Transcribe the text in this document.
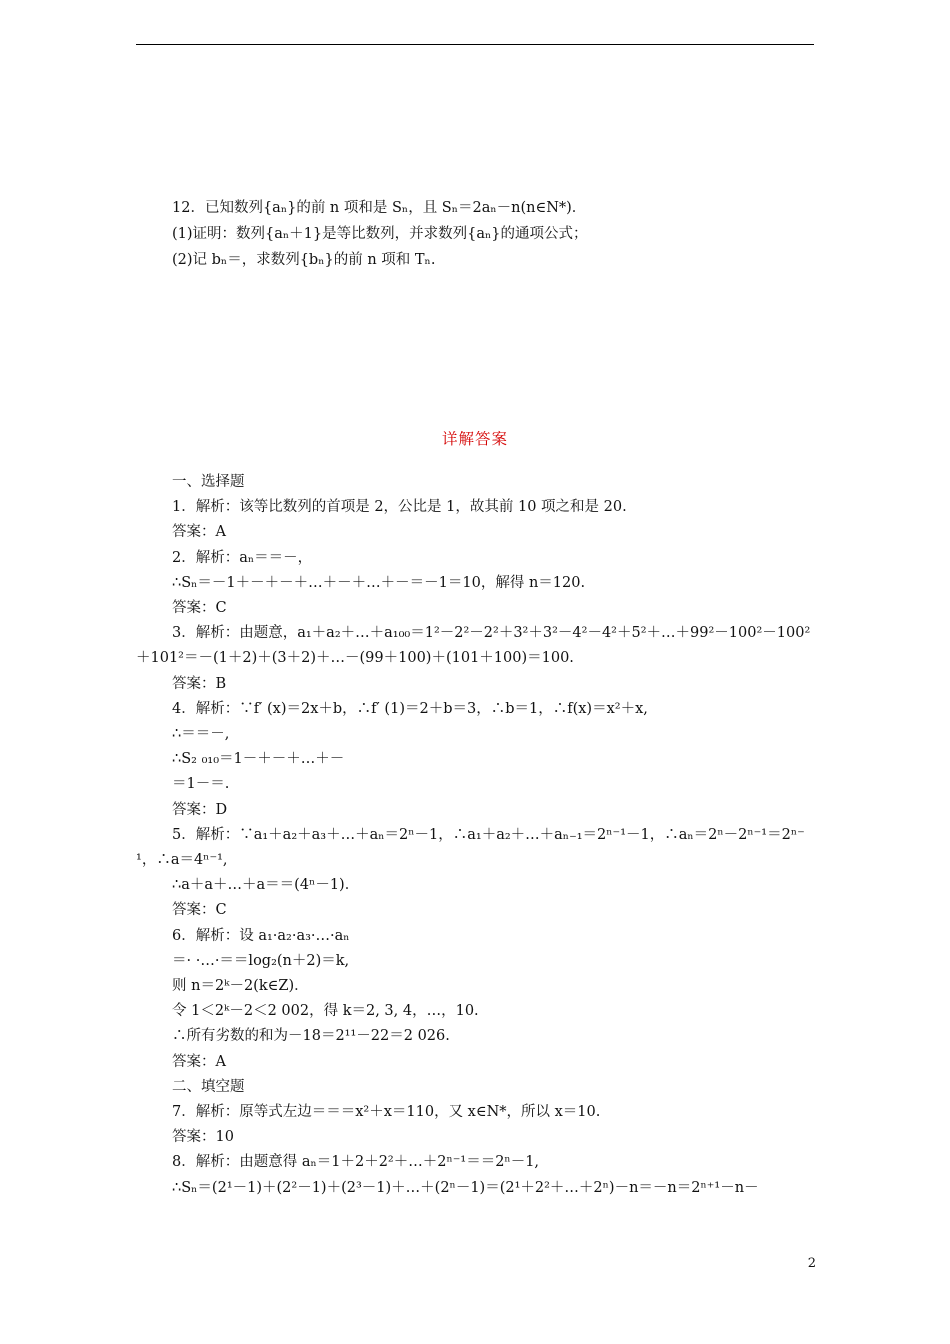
12．已知数列{aₙ}的前 n 项和是 Sₙ，且 Sₙ＝2aₙ－n(n∈N*)．
(1)证明：数列{aₙ＋1}是等比数列，并求数列{aₙ}的通项公式；
(2)记 bₙ＝，求数列{bₙ}的前 n 项和 Tₙ.
详解答案
一、选择题
1．解析：该等比数列的首项是 2，公比是 1，故其前 10 项之和是 20.
答案：A
2．解析：aₙ＝＝－，
∴Sₙ＝－1＋－＋－＋…＋－＋…＋－＝－1＝10，解得 n＝120.
答案：C
3．解析：由题意，a₁＋a₂＋…＋a₁₀₀＝1²－2²－2²＋3²＋3²－4²－4²＋5²＋…＋99²－100²－100²
＋101²＝－(1＋2)＋(3＋2)＋…－(99＋100)＋(101＋100)＝100.
答案：B
4．解析：∵f′ (x)＝2x＋b，∴f′ (1)＝2＋b＝3，∴b＝1，∴f(x)＝x²＋x,
∴＝＝－,
∴S₂ ₀₁₀＝1－＋－＋…＋－
＝1－＝.
答案：D
5．解析：∵a₁＋a₂＋a₃＋…＋aₙ＝2ⁿ－1，∴a₁＋a₂＋…＋aₙ₋₁＝2ⁿ⁻¹－1，∴aₙ＝2ⁿ－2ⁿ⁻¹＝2ⁿ⁻
¹，∴a＝4ⁿ⁻¹,
∴a＋a＋…＋a＝＝(4ⁿ－1)．
答案：C
6．解析：设 a₁·a₂·a₃·…·aₙ
＝· ·…·＝＝log₂(n＋2)＝k,
则 n＝2ᵏ－2(k∈Z)．
令 1＜2ᵏ－2＜2 002，得 k＝2, 3, 4，…，10.
∴所有劣数的和为－18＝2¹¹－22＝2 026.
答案：A
二、填空题
7．解析：原等式左边＝＝＝x²＋x＝110，又 x∈N*，所以 x＝10.
答案：10
8．解析：由题意得 aₙ＝1＋2＋2²＋…＋2ⁿ⁻¹＝＝2ⁿ－1,
∴Sₙ＝(2¹－1)＋(2²－1)＋(2³－1)＋…＋(2ⁿ－1)＝(2¹＋2²＋…＋2ⁿ)－n＝－n＝2ⁿ⁺¹－n－
2
